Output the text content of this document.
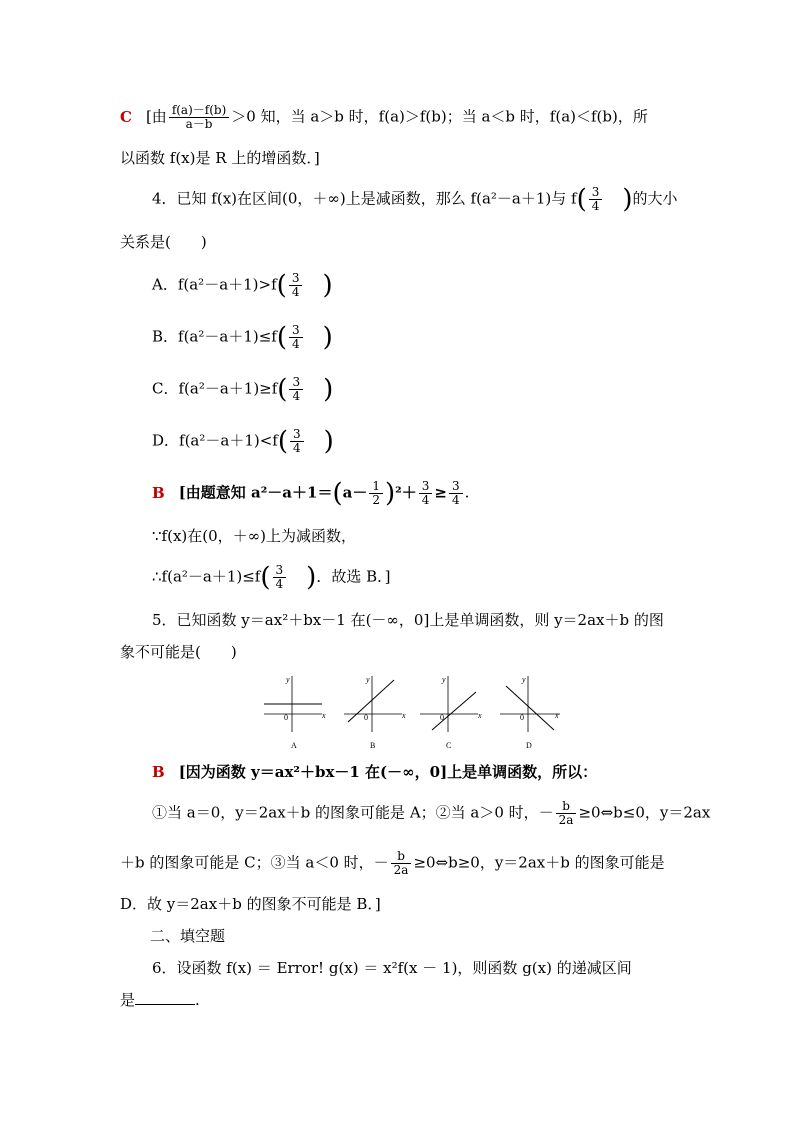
C [由 $\frac{f(a)-f(b)}{a-b} >0$ 知，当 a＞b 时，f(a)＞f(b)；当 a＜b 时，f(a)＜f(b)，所
以函数 f(x)是 R 上的增函数．]
4．已知 f(x)在区间(0，＋∞)上是减函数，那么 f(a²－a＋1)与 $f( \frac{3}{4}$ )的大小
关系是(　　)
A．$f(a^2-a+1)>f( \frac{3}{4}$ )
B．$f(a^2-a+1)\le f( \frac{3}{4}$ )
C．$f(a^2-a+1)\ge f( \frac{3}{4}$ )
D．$f(a^2-a+1)<f( \frac{3}{4}$ )
B [由题意知 $a^2-a+1=(a- \frac{1}{2} )^2+ \frac{3}{4} \ge \frac{3}{4}$ .
∵f(x)在(0，＋∞)上为减函数，
∴f(a²－a＋1)≤f( $\frac{3}{4}$ )．故选 B．]
5．已知函数 y＝ax²＋bx－1 在(－∞，0]上是单调函数，则 y＝2ax＋b 的图
象不可能是(　　)
y
x
0
A
y
x
0
B
y
x
0
C
y
x
0
D
B [因为函数 y＝ax²＋bx－1 在(－∞，0]上是单调函数，所以：
①当 a＝0，y＝2ax＋b 的图象可能是 A；②当 a＞0 时，－ $\frac{b}{2a}$ ≥0⇔b≤0，y＝2ax
＋b 的图象可能是 C；③当 a＜0 时，－ $\frac{b}{2a}$ ≥0⇔b≥0，y＝2ax＋b 的图象可能是
D．故 y＝2ax＋b 的图象不可能是 B．]
二、填空题
6．设函数 f(x) ＝ Error! g(x) ＝ x²f(x － 1)，则函数 g(x) 的递减区间
是	.
